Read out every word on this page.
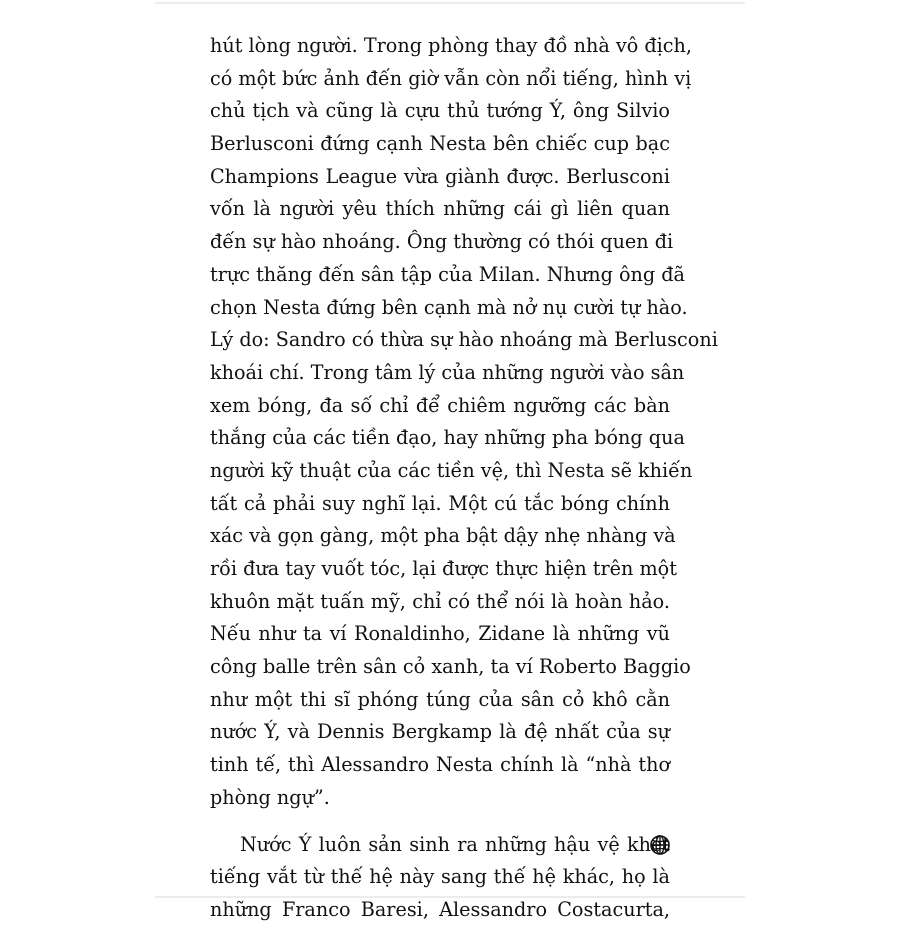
hút lòng người. Trong phòng thay đồ nhà vô địch,
có một bức ảnh đến giờ vẫn còn nổi tiếng, hình vị
chủ tịch và cũng là cựu thủ tướng Ý, ông Silvio
Berlusconi đứng cạnh Nesta bên chiếc cup bạc
Champions League vừa giành được. Berlusconi
vốn là người yêu thích những cái gì liên quan
đến sự hào nhoáng. Ông thường có thói quen đi
trực thăng đến sân tập của Milan. Nhưng ông đã
chọn Nesta đứng bên cạnh mà nở nụ cười tự hào.
Lý do: Sandro có thừa sự hào nhoáng mà Berlusconi
khoái chí. Trong tâm lý của những người vào sân
xem bóng, đa số chỉ để chiêm ngưỡng các bàn
thắng của các tiền đạo, hay những pha bóng qua
người kỹ thuật của các tiền vệ, thì Nesta sẽ khiến
tất cả phải suy nghĩ lại. Một cú tắc bóng chính
xác và gọn gàng, một pha bật dậy nhẹ nhàng và
rồi đưa tay vuốt tóc, lại được thực hiện trên một
khuôn mặt tuấn mỹ, chỉ có thể nói là hoàn hảo.
Nếu như ta ví Ronaldinho, Zidane là những vũ
công balle trên sân cỏ xanh, ta ví Roberto Baggio
như một thi sĩ phóng túng của sân cỏ khô cằn
nước Ý, và Dennis Bergkamp là đệ nhất của sự
tinh tế, thì Alessandro Nesta chính là “nhà thơ
phòng ngự”.
Nước Ý luôn sản sinh ra những hậu vệ khét
tiếng vắt từ thế hệ này sang thế hệ khác, họ là
những Franco Baresi, Alessandro Costacurta,
